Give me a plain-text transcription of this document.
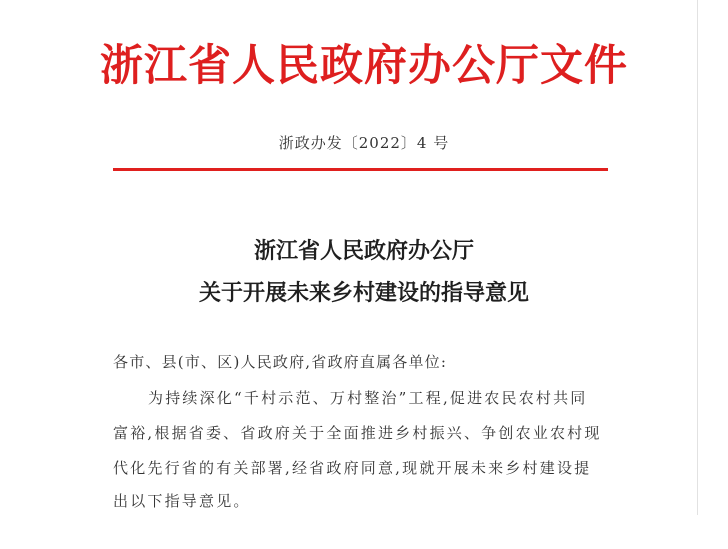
浙江省人民政府办公厅文件
浙政办发〔2022〕4 号
浙江省人民政府办公厅
关于开展未来乡村建设的指导意见
各市、县(市、区)人民政府,省政府直属各单位:
为持续深化“千村示范、万村整治”工程,促进农民农村共同
富裕,根据省委、省政府关于全面推进乡村振兴、争创农业农村现
代化先行省的有关部署,经省政府同意,现就开展未来乡村建设提
出以下指导意见。
